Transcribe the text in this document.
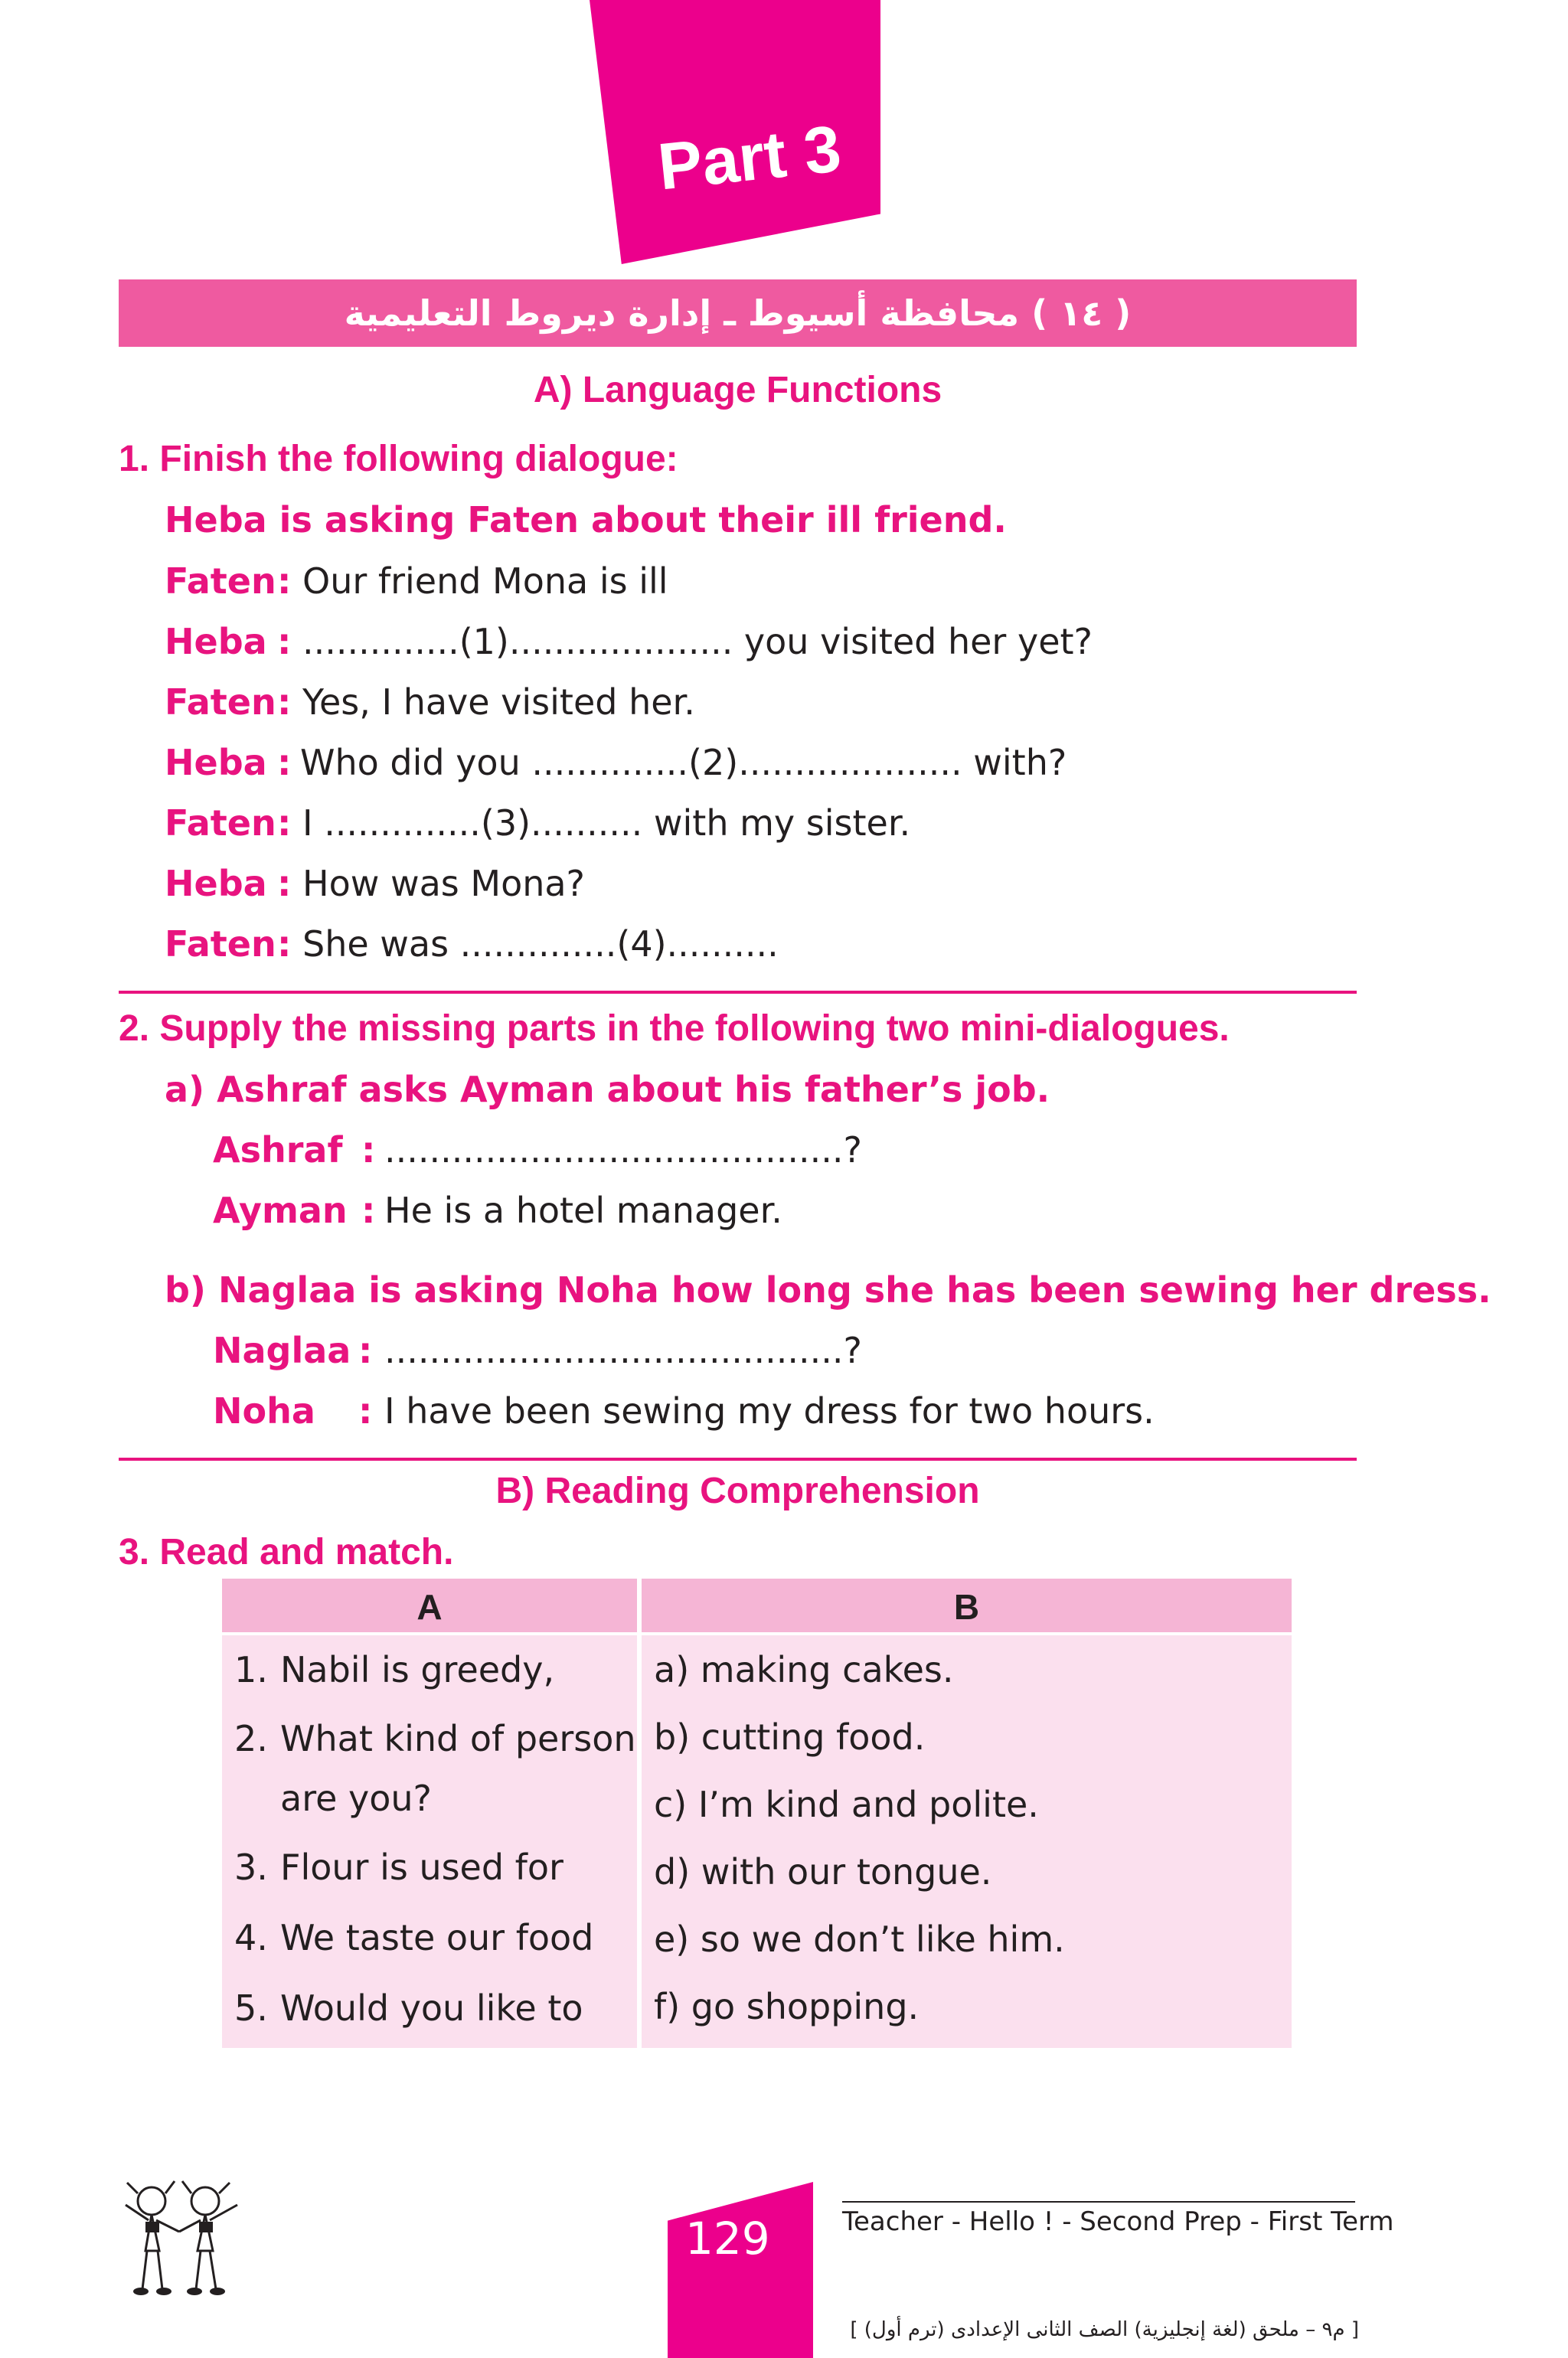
Part 3
( ١٤ ) محافظة أسيوط ـ إدارة ديروط التعليمية
A) Language Functions
1. Finish the following dialogue:
Heba is asking Faten about their ill friend.
Faten : Our friend Mona is ill
Heba : ..............(1).................... you visited her yet?
Faten : Yes, I have visited her.
Heba : Who did you ..............(2).................... with?
Faten : I ..............(3).......... with my sister.
Heba : How was Mona?
Faten : She was ..............(4)..........
2. Supply the missing parts in the following two mini-dialogues.
a) Ashraf asks Ayman about his father’s job.
Ashraf : .........................................?
Ayman : He is a hotel manager.
b) Naglaa is asking Noha how long she has been sewing her dress.
Naglaa : .........................................?
Noha : I have been sewing my dress for two hours.
B) Reading Comprehension
3. Read and match.
A	B
1. Nabil is greedy,
2. What kind of person
are you?
3. Flour is used for
4. We taste our food
5. Would you like to
a) making cakes.
b) cutting food.
c) I’m kind and polite.
d) with our tongue.
e) so we don’t like him.
f) go shopping.
129	Teacher - Hello ! - Second Prep - First Term
[ م٩ – ملحق (لغة إنجليزية) الصف الثانى الإعدادى (ترم أول) ]
